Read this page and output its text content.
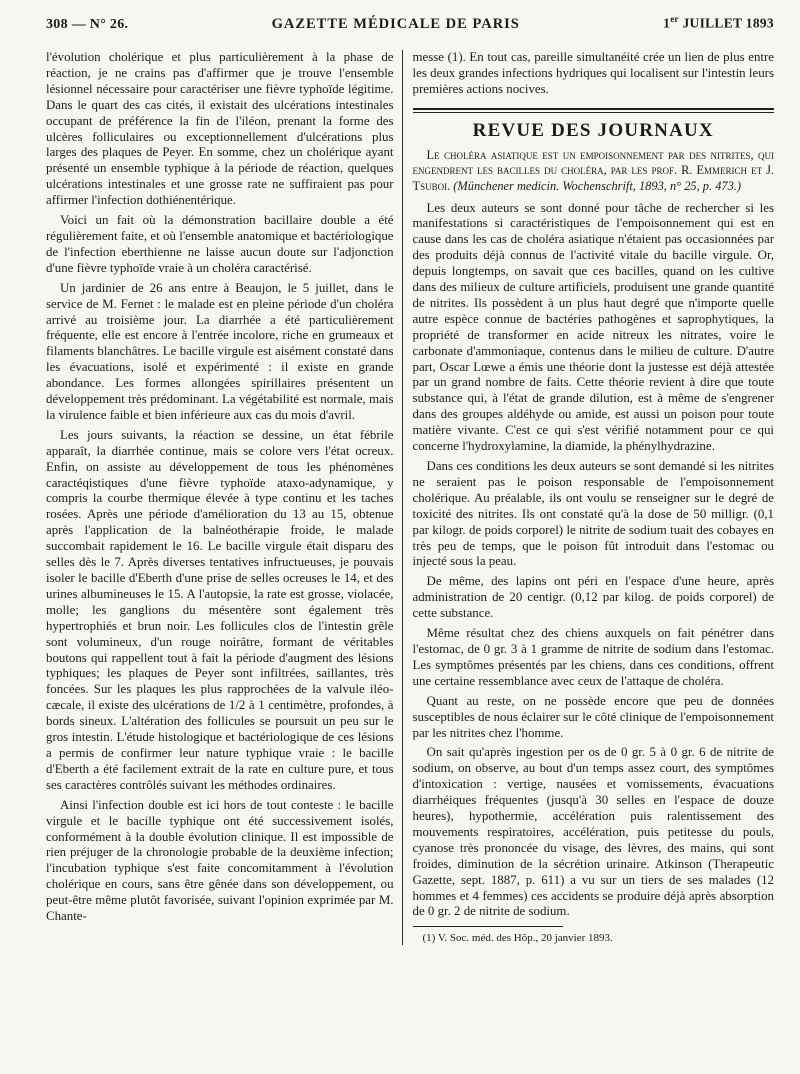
308 — N° 26.	GAZETTE MÉDICALE DE PARIS	1er JUILLET 1893

l'évolution cholérique et plus particulièrement à la phase de réaction, je ne crains pas d'affirmer que je trouve l'ensemble lésionnel nécessaire pour caractériser une fièvre typhoïde légitime. Dans le quart des cas cités, il existait des ulcérations intestinales occupant de préférence la fin de l'iléon, prenant la forme des ulcères folliculaires ou exceptionnellement d'ulcérations plus larges des plaques de Peyer. En somme, chez un cholérique ayant présenté un ensemble typhique à la période de réaction, quelques ulcérations intestinales et une grosse rate ne suffiraient pas pour affirmer l'infection dothiénentérique.

Voici un fait où la démonstration bacillaire double a été régulièrement faite, et où l'ensemble anatomique et bactériologique de l'infection eberthienne ne laisse aucun doute sur l'adjonction d'une fièvre typhoïde vraie à un choléra caractérisé.

Un jardinier de 26 ans entre à Beaujon, le 5 juillet, dans le service de M. Fernet : le malade est en pleine période d'un choléra arrivé au troisième jour. La diarrhée a été particulièrement fréquente, elle est encore à l'entrée incolore, riche en grumeaux et filaments blanchâtres. Le bacille virgule est aisément constaté dans les évacuations, isolé et expérimenté : il existe en grande abondance. Les formes allongées spirillaires présentent un développement très prédominant. La végétabilité est normale, mais la virulence faible et bien inférieure aux cas du mois d'avril.

Les jours suivants, la réaction se dessine, un état fébrile apparaît, la diarrhée continue, mais se colore vers l'état ocreux. Enfin, on assiste au développement de tous les phénomènes caractéqistiques d'une fièvre typhoïde ataxo-adynamique, y compris la courbe thermique élevée à type continu et les taches rosées. Après une période d'amélioration du 13 au 15, obtenue après l'application de la balnéothérapie froide, le malade succombait rapidement le 16. Le bacille virgule était disparu des selles dès le 7. Après diverses tentatives infructueuses, je pouvais isoler le bacille d'Eberth d'une prise de selles ocreuses le 14, et des urines albumineuses le 15. A l'autopsie, la rate est grosse, violacée, molle; les ganglions du mésentère sont également très hypertrophiés et brun noir. Les follicules clos de l'intestin grêle sont volumineux, d'un rouge noirâtre, formant de véritables boutons qui rappellent tout à fait la période d'augment des lésions typhiques; les plaques de Peyer sont infiltrées, saillantes, très foncées. Sur les plaques les plus rapprochées de la valvule iléo-cæcale, il existe des ulcérations de 1/2 à 1 centimètre, profondes, à bords sineux. L'altération des follicules se poursuit un peu sur le gros intestin. L'étude histologique et bactériologique de ces lésions a permis de confirmer leur nature typhique vraie : le bacille d'Eberth a été facilement extrait de la rate en culture pure, et tous ses caractères contrôlés suivant les méthodes ordinaires.

Ainsi l'infection double est ici hors de tout conteste : le bacille virgule et le bacille typhique ont été successivement isolés, conformément à la double évolution clinique. Il est impossible de rien préjuger de la chronologie probable de la deuxième infection; l'incubation typhique s'est faite concomitamment à l'évolution cholérique en cours, sans être gênée dans son développement, ou peut-être même plutôt favorisée, suivant l'opinion exprimée par M. Chante-

messe (1). En tout cas, pareille simultanéité crée un lien de plus entre les deux grandes infections hydriques qui localisent sur l'intestin leurs premières actions nocives.

REVUE DES JOURNAUX
Le choléra asiatique est un empoisonnement par des nitrites, qui engendrent les bacilles du choléra, par les prof. R. Emmerich et J. Tsuboi. (Münchener medicin. Wochenschrift, 1893, n° 25, p. 473.)

Les deux auteurs se sont donné pour tâche de rechercher si les manifestations si caractéristiques de l'empoisonnement qui est en cause dans les cas de choléra asiatique n'étaient pas occasionnées par des produits déjà connus de l'activité vitale du bacille virgule. Or, depuis longtemps, on savait que ces bacilles, quand on les cultive dans des milieux de culture artificiels, produisent une grande quantité de nitrites. Ils possèdent à un plus haut degré que n'importe quelle autre espèce connue de bactéries pathogènes et saprophytiques, la propriété de transformer en acide nitreux les nitrates, voire le carbonate d'ammoniaque, contenus dans le milieu de culture. D'autre part, Oscar Lœwe a émis une théorie dont la justesse est déjà attestée par un grand nombre de faits. Cette théorie revient à dire que toute substance qui, à l'état de grande dilution, est à même de s'engrener dans des groupes aldéhyde ou amide, est aussi un poison pour toute matière vivante. C'est ce qui s'est vérifié notamment pour ce qui concerne l'hydroxylamine, la diamide, la phénylhydrazine.

Dans ces conditions les deux auteurs se sont demandé si les nitrites ne seraient pas le poison responsable de l'empoisonnement cholérique. Au préalable, ils ont voulu se renseigner sur le degré de toxicité des nitrites. Ils ont constaté qu'à la dose de 50 milligr. (0,1 par kilogr. de poids corporel) le nitrite de sodium tuait des cobayes en très peu de temps, que le poison fût introduit dans l'estomac ou injecté sous la peau.

De même, des lapins ont péri en l'espace d'une heure, après administration de 20 centigr. (0,12 par kilog. de poids corporel) de cette substance.

Même résultat chez des chiens auxquels on fait pénétrer dans l'estomac, de 0 gr. 3 à 1 gramme de nitrite de sodium dans l'estomac. Les symptômes présentés par les chiens, dans ces conditions, offrent une certaine ressemblance avec ceux de l'attaque de choléra.

Quant au reste, on ne possède encore que peu de données susceptibles de nous éclairer sur le côté clinique de l'empoisonnement par les nitrites chez l'homme.

On sait qu'après ingestion per os de 0 gr. 5 à 0 gr. 6 de nitrite de sodium, on observe, au bout d'un temps assez court, des symptômes d'intoxication : vertige, nausées et vomissements, évacuations diarrhéiques fréquentes (jusqu'à 30 selles en l'espace de douze heures), hypothermie, accélération puis ralentissement des mouvements respiratoires, accélération, puis petitesse du pouls, cyanose très prononcée du visage, des lèvres, des mains, qui sont froides, diminution de la sécrétion urinaire. Atkinson (Therapeutic Gazette, sept. 1887, p. 611) a vu sur un tiers de ses malades (12 hommes et 4 femmes) ces accidents se produire déjà après absorption de 0 gr. 2 de nitrite de sodium.

(1) V. Soc. méd. des Hôp., 20 janvier 1893.
